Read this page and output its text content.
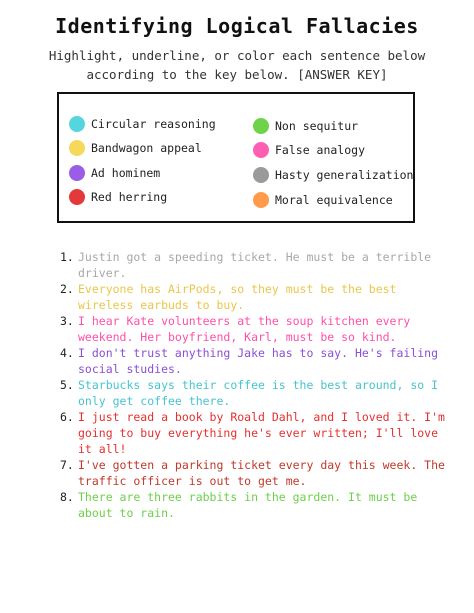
Identifying Logical Fallacies
Highlight, underline, or color each sentence below
according to the key below. [ANSWER KEY]
Circular reasoning
Bandwagon appeal
Ad hominem
Red herring
Non sequitur
False analogy
Hasty generalization
Moral equivalence
1. Justin got a speeding ticket. He must be a terrible driver.
2. Everyone has AirPods, so they must be the best wireless earbuds to buy.
3. I hear Kate volunteers at the soup kitchen every weekend. Her boyfriend, Karl, must be so kind.
4. I don't trust anything Jake has to say. He's failing social studies.
5. Starbucks says their coffee is the best around, so I only get coffee there.
6. I just read a book by Roald Dahl, and I loved it. I'm going to buy everything he's ever written; I'll love it all!
7. I've gotten a parking ticket every day this week. The traffic officer is out to get me.
8. There are three rabbits in the garden. It must be about to rain.
